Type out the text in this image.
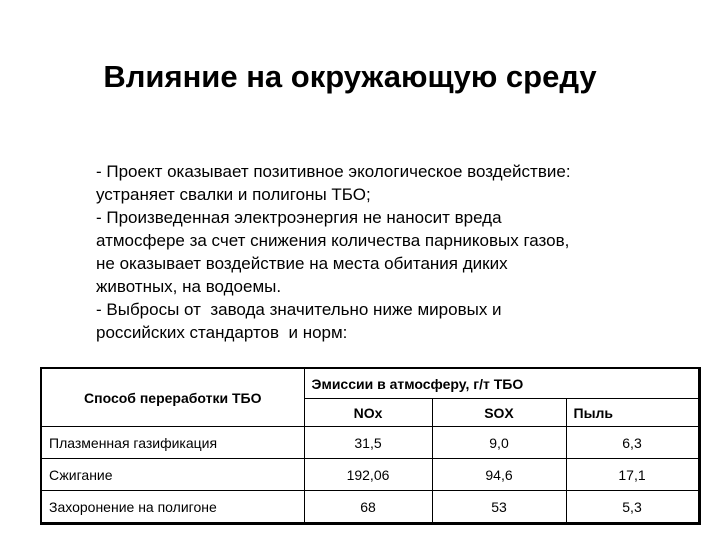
Влияние на окружающую среду
- Проект оказывает позитивное экологическое воздействие:
устраняет свалки и полигоны ТБО;
- Произведенная электроэнергия не наносит вреда
атмосфере за счет снижения количества парниковых газов,
не оказывает воздействие на места обитания диких
животных, на водоемы.
- Выбросы от  завода значительно ниже мировых и
российских стандартов  и норм:
Способ переработки ТБО	Эмиссии в атмосферу, г/т ТБО		
	NOx	SOX	Пыль
Плазменная газификация	31,5	9,0	6,3
Сжигание	192,06	94,6	17,1
Захоронение на полигоне	68	53	5,3
